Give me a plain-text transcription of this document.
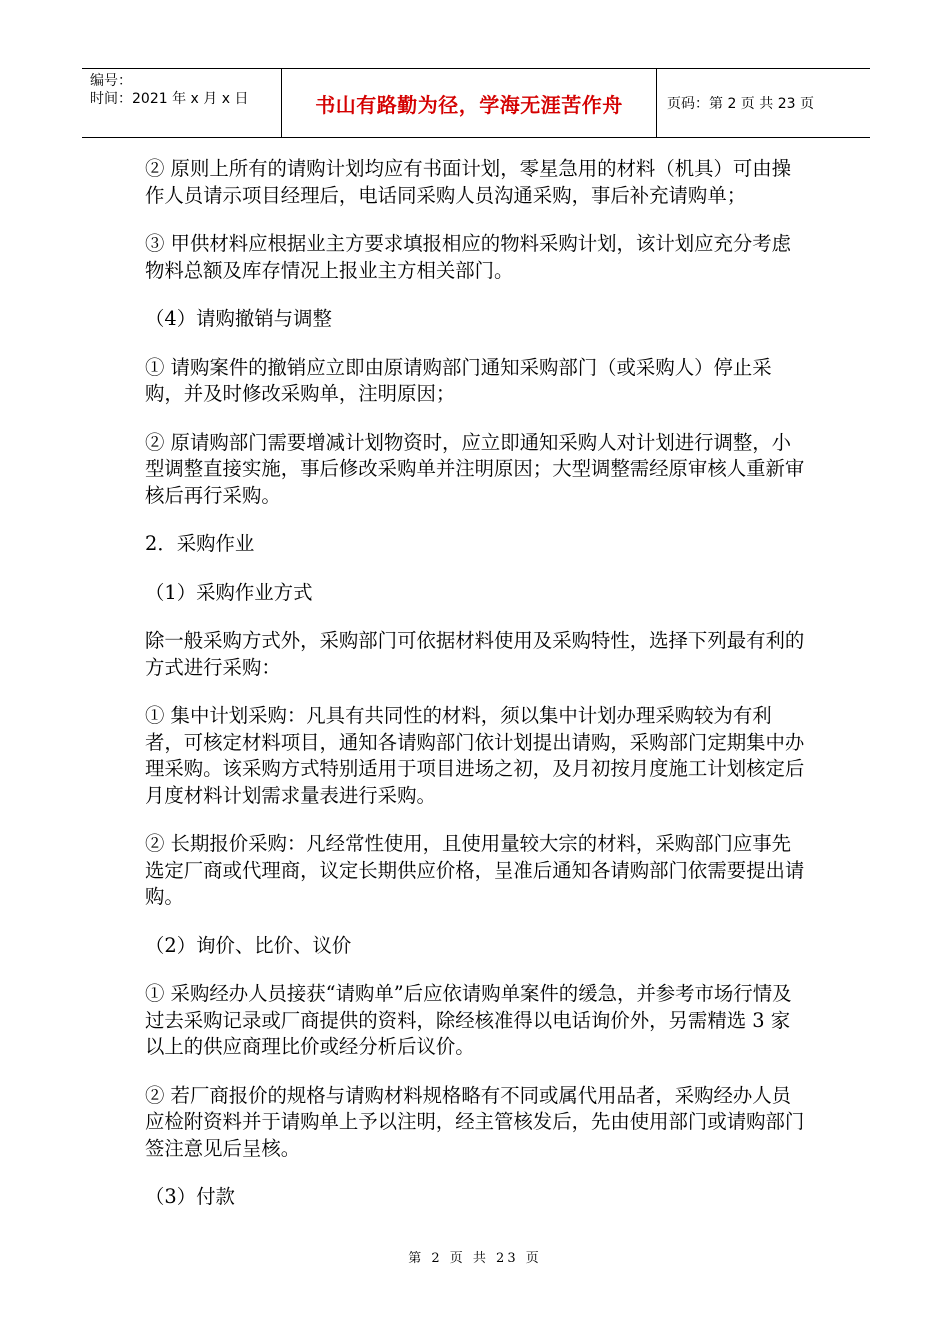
编号：
时间：2021 年 x 月 x 日	书山有路勤为径，学海无涯苦作舟	页码：第 2 页 共 23 页

② 原则上所有的请购计划均应有书面计划，零星急用的材料（机具）可由操作人员请示项目经理后，电话同采购人员沟通采购，事后补充请购单；

③ 甲供材料应根据业主方要求填报相应的物料采购计划，该计划应充分考虑物料总额及库存情况上报业主方相关部门。

（4）请购撤销与调整

① 请购案件的撤销应立即由原请购部门通知采购部门（或采购人）停止采购，并及时修改采购单，注明原因；

② 原请购部门需要增减计划物资时，应立即通知采购人对计划进行调整，小型调整直接实施，事后修改采购单并注明原因；大型调整需经原审核人重新审核后再行采购。

2．采购作业

（1）采购作业方式

除一般采购方式外，采购部门可依据材料使用及采购特性，选择下列最有利的方式进行采购：

① 集中计划采购：凡具有共同性的材料，须以集中计划办理采购较为有利者，可核定材料项目，通知各请购部门依计划提出请购，采购部门定期集中办理采购。该采购方式特别适用于项目进场之初，及月初按月度施工计划核定后月度材料计划需求量表进行采购。

② 长期报价采购：凡经常性使用，且使用量较大宗的材料，采购部门应事先选定厂商或代理商，议定长期供应价格，呈准后通知各请购部门依需要提出请购。

（2）询价、比价、议价

① 采购经办人员接获“请购单”后应依请购单案件的缓急，并参考市场行情及过去采购记录或厂商提供的资料，除经核准得以电话询价外，另需精选 3 家以上的供应商理比价或经分析后议价。

② 若厂商报价的规格与请购材料规格略有不同或属代用品者，采购经办人员应检附资料并于请购单上予以注明，经主管核发后，先由使用部门或请购部门签注意见后呈核。

（3）付款

第 2 页 共 23 页
